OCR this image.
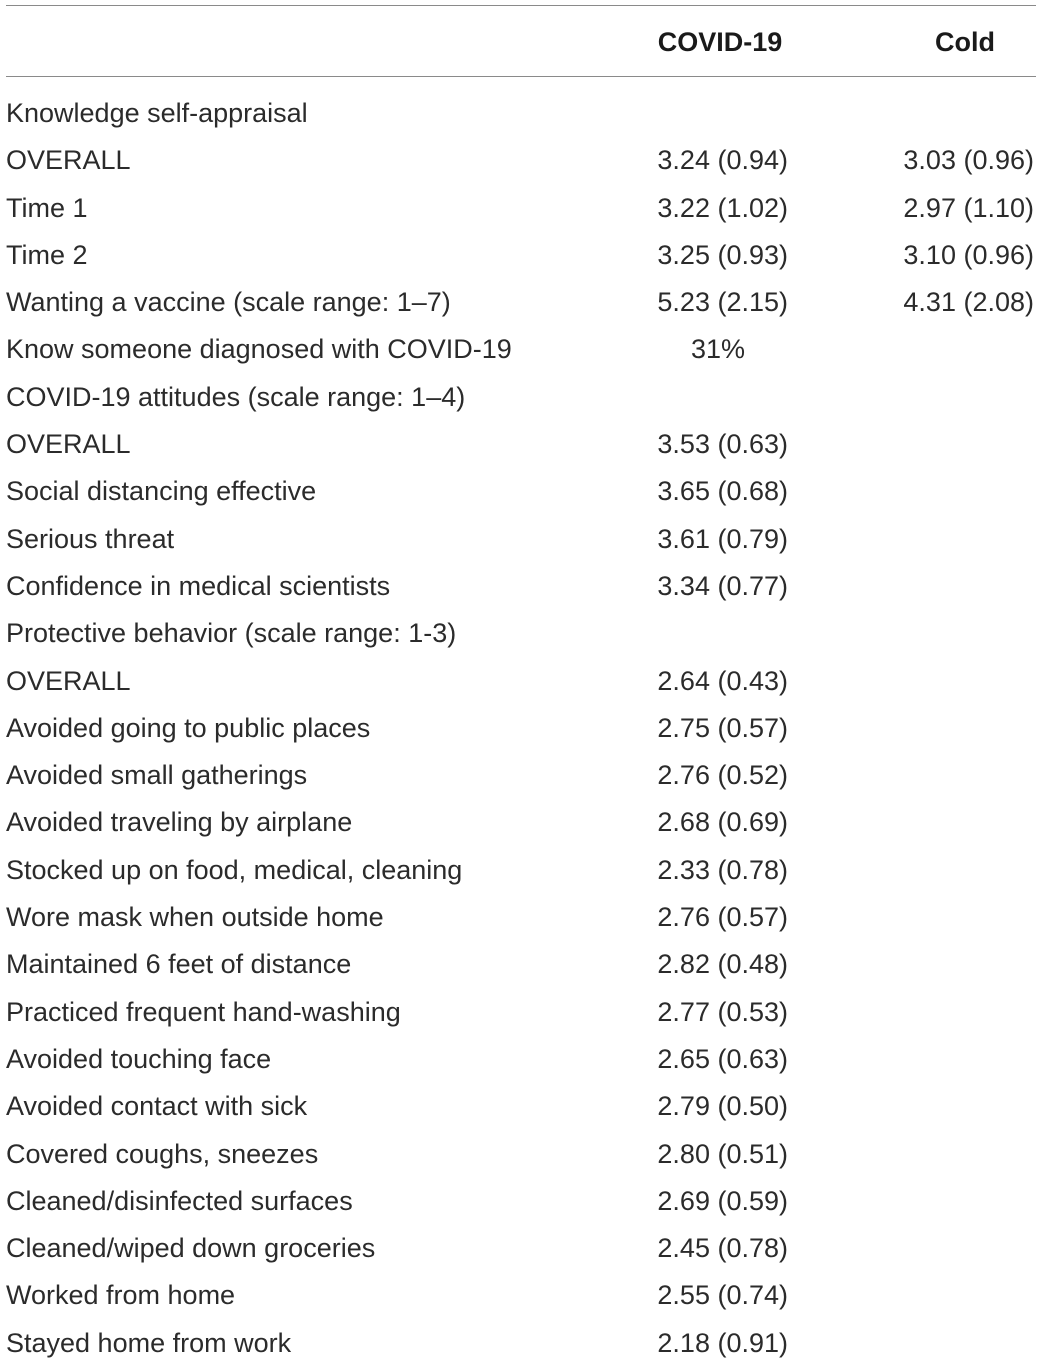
COVID-19	Cold
Knowledge self-appraisal
OVERALL	3.24 (0.94)	3.03 (0.96)
Time 1	3.22 (1.02)	2.97 (1.10)
Time 2	3.25 (0.93)	3.10 (0.96)
Wanting a vaccine (scale range: 1–7)	5.23 (2.15)	4.31 (2.08)
Know someone diagnosed with COVID-19	31%
COVID-19 attitudes (scale range: 1–4)
OVERALL	3.53 (0.63)
Social distancing effective	3.65 (0.68)
Serious threat	3.61 (0.79)
Confidence in medical scientists	3.34 (0.77)
Protective behavior (scale range: 1-3)
OVERALL	2.64 (0.43)
Avoided going to public places	2.75 (0.57)
Avoided small gatherings	2.76 (0.52)
Avoided traveling by airplane	2.68 (0.69)
Stocked up on food, medical, cleaning	2.33 (0.78)
Wore mask when outside home	2.76 (0.57)
Maintained 6 feet of distance	2.82 (0.48)
Practiced frequent hand-washing	2.77 (0.53)
Avoided touching face	2.65 (0.63)
Avoided contact with sick	2.79 (0.50)
Covered coughs, sneezes	2.80 (0.51)
Cleaned/disinfected surfaces	2.69 (0.59)
Cleaned/wiped down groceries	2.45 (0.78)
Worked from home	2.55 (0.74)
Stayed home from work	2.18 (0.91)
